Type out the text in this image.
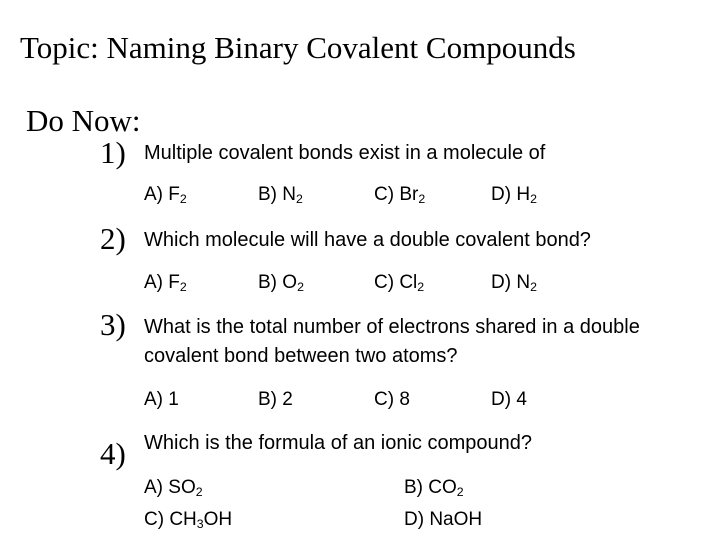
Topic: Naming Binary Covalent Compounds
Do Now:
1) Multiple covalent bonds exist in a molecule of
A) $F_2$	B) $N_2$	C) $Br_2$	D) $H_2$
2) Which molecule will have a double covalent bond?
A) $F_2$	B) $O_2$	C) $Cl_2$	D) $N_2$
3) What is the total number of electrons shared in a double
covalent bond between two atoms?
A) 1	B) 2	C) 8	D) 4
4) Which is the formula of an ionic compound?
A) $SO_2$	B) $CO_2$
C) $CH_3OH$	D) NaOH
